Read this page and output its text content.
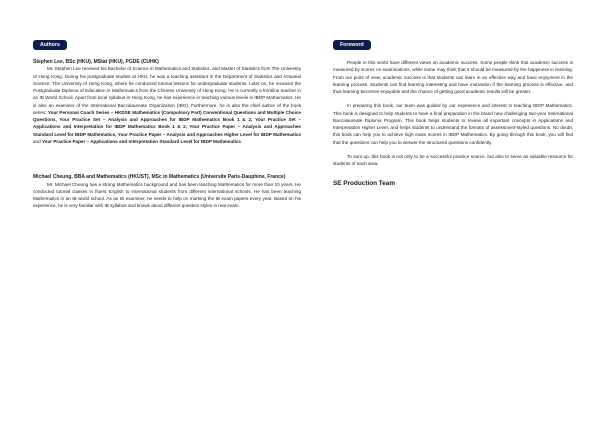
Authors

Stephen Lee, BSc (HKU), MStat (HKU), PGDE (CUHK)

Mr. Stephen Lee received his Bachelor of Science in Mathematics and Statistics, and Master of Statistics from The University of Hong Kong. During his postgraduate studies at HKU, he was a teaching assistant in the Department of Statistics and Actuarial Science, The University of Hong Kong, where he conducted tutorial lessons for undergraduate students. Later on, he received the Postgraduate Diploma of Education in Mathematics from the Chinese University of Hong Kong. He is currently a frontline teacher in an IB World School. Apart from local syllabus in Hong Kong, he has experience in teaching various levels in IBDP Mathematics. He is also an examiner of the International Baccalaureate Organization (IBO). Furthermore, he is also the chief author of the book series: Your Personal Coach Series – HKDSE Mathematics (Compulsory Part) Conventional Questions and Multiple Choice Questions, Your Practice Set – Analysis and Approaches for IBDP Mathematics Book 1 & 2, Your Practice Set – Applications and Interpretation for IBDP Mathematics Book 1 & 2, Your Practice Paper – Analysis and Approaches Standard Level for IBDP Mathematics, Your Practice Paper – Analysis and Approaches Higher Level for IBDP Mathematics and Your Practice Paper – Applications and Interpretation Standard Level for IBDP Mathematics.

Michael Cheung, BBA and Mathematics (HKUST), MSc in Mathematics (Universite Paris-Dauphine, France)

Mr. Michael Cheung has a strong Mathematics background and has been teaching Mathematics for more than 10 years. He conducted tutorial classes in fluent English to international students from different international schools. He has been teaching Mathematics in an IB world school. As an IB examiner, he needs to help on marking the IB exam papers every year. Based on his experience, he is very familiar with IB syllabus and knows about different question styles in real exam.

Foreword

People in this world have different views on academic success. Some people think that academic success is measured by scores on examinations, while some may think that it should be measured by the happiness in learning. From our point of view, academic success is that students can learn in an effective way and have enjoyment in the learning process. Students can find learning interesting and have motivation if the learning process is effective, and thus learning becomes enjoyable and the chance of getting good academic results will be greater.

In preparing this book, our team was guided by our experience and interest in teaching IBDP Mathematics. This book is designed to help students to have a final preparation in the brand new challenging two-year International Baccalaureate Diploma Program. This book helps students to review all important concepts in Applications and Interpretation Higher Level, and helps students to understand the formats of assessment-styled questions. No doubt, this book can help you to achieve high exam scores in IBDP Mathematics. By going through this book, you will find that the questions can help you to answer the structured questions confidently.

To sum up, this book is not only to be a successful practice source, but also to serve as valuable resource for students of each area.

SE Production Team
